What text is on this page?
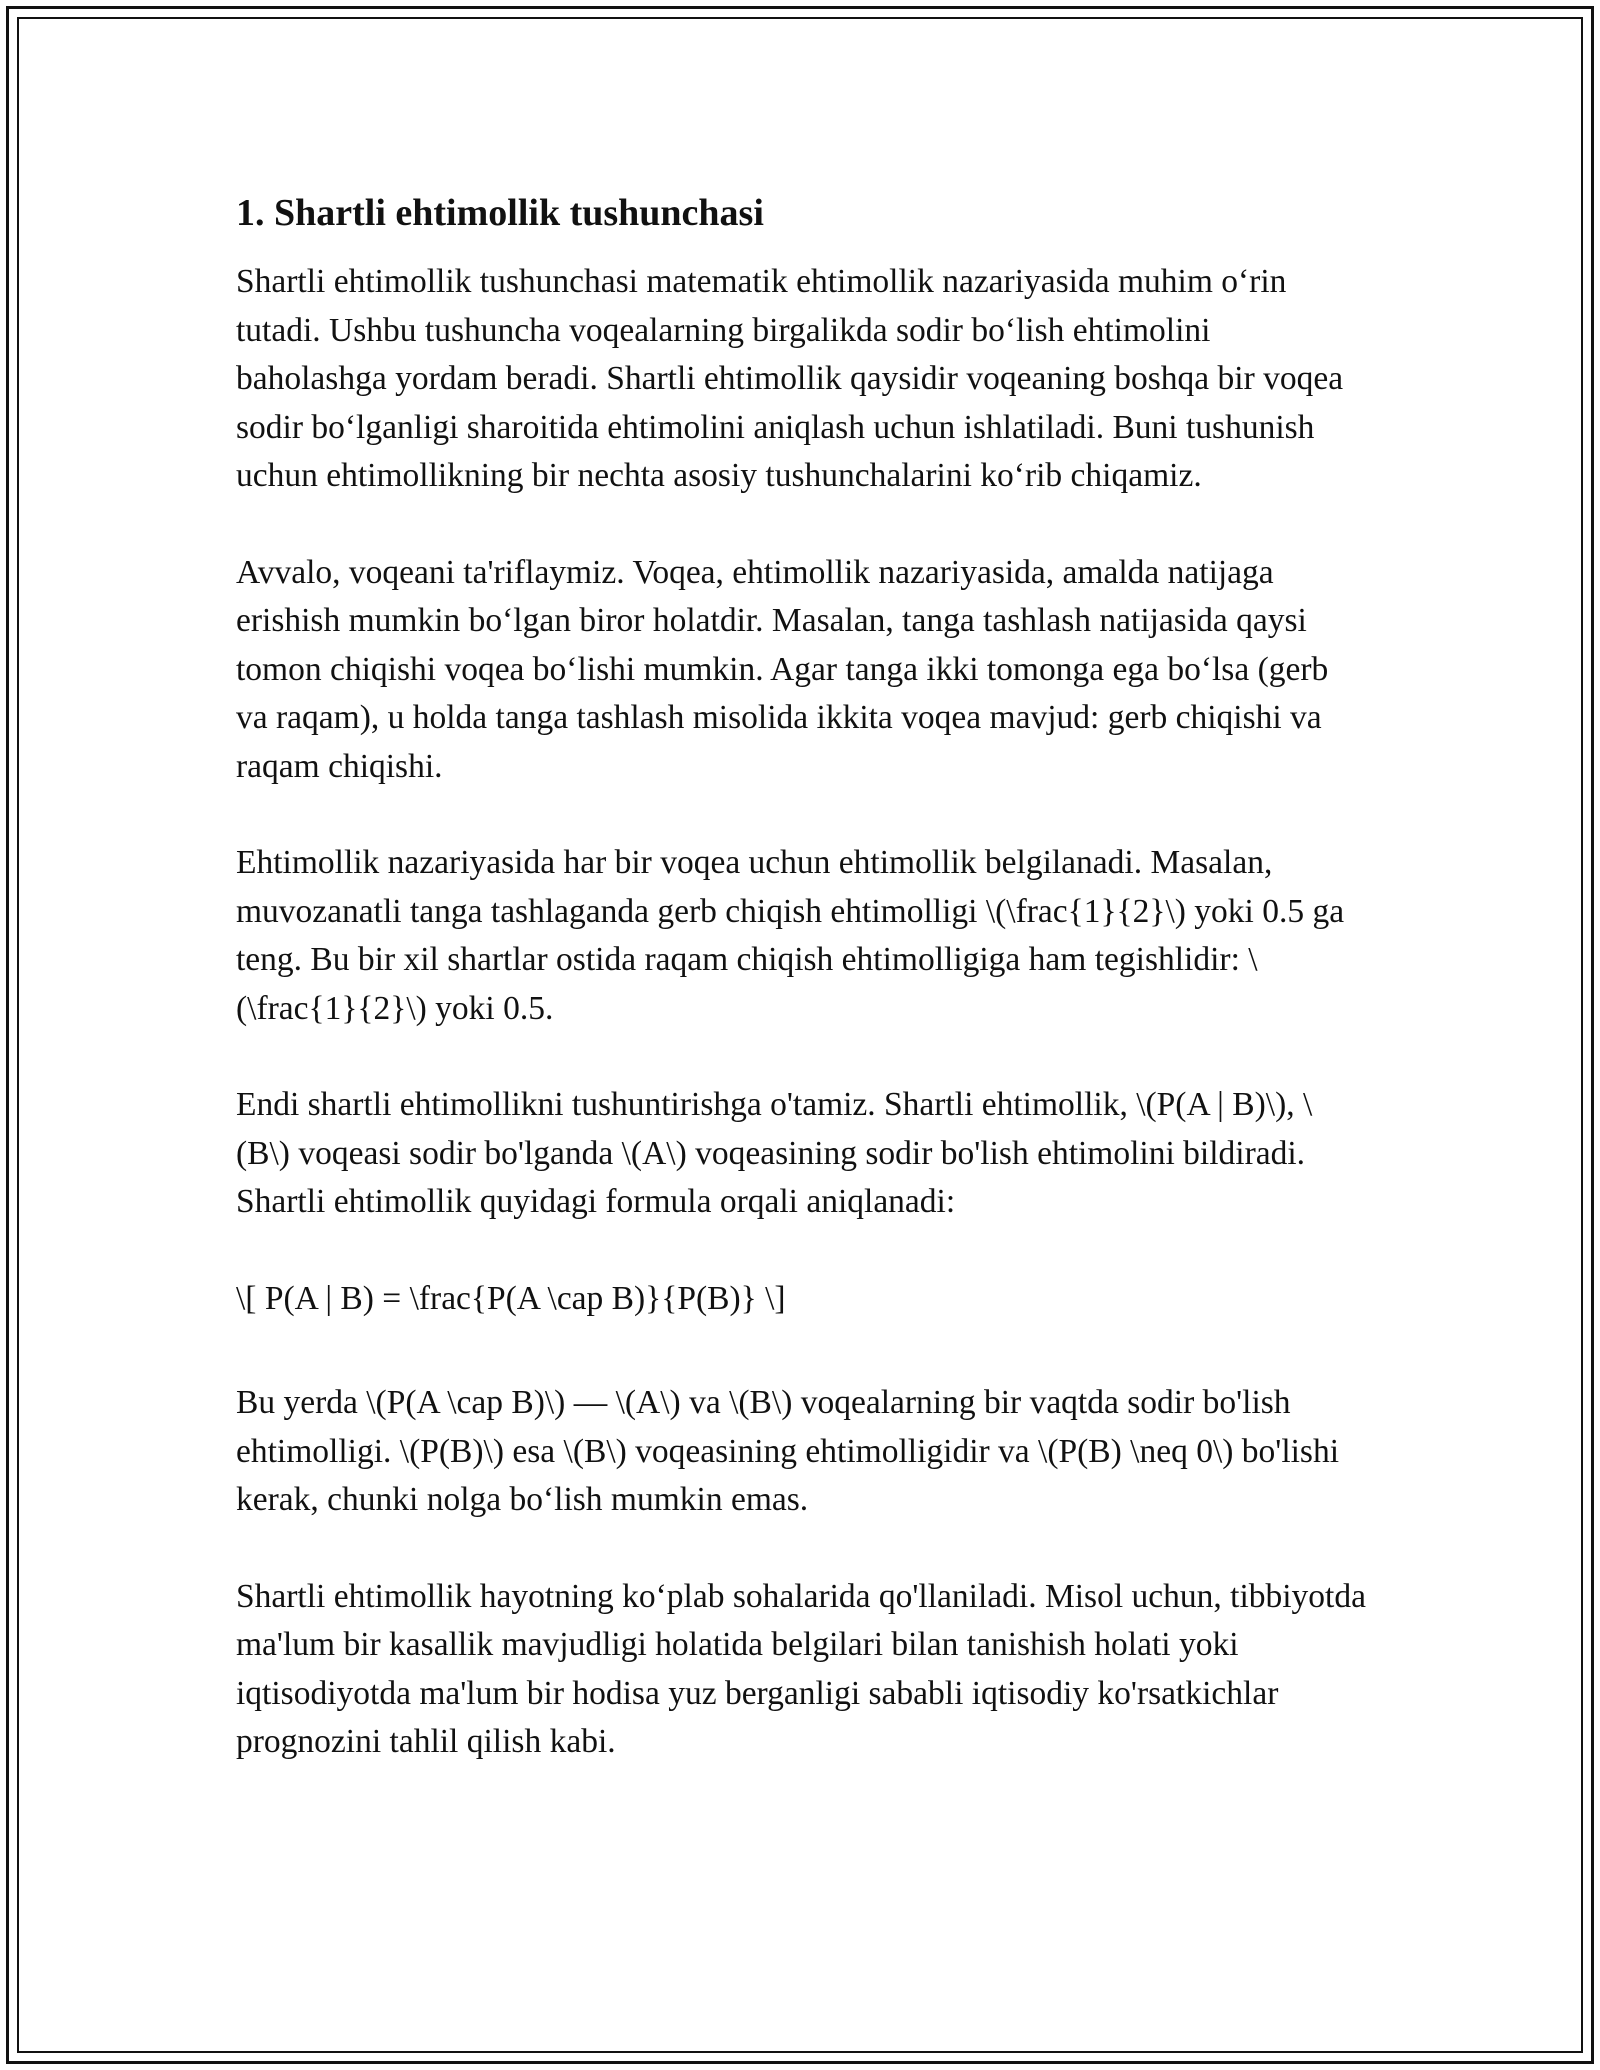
1. Shartli ehtimollik tushunchasi

Shartli ehtimollik tushunchasi matematik ehtimollik nazariyasida muhim o‘rin tutadi. Ushbu tushuncha voqealarning birgalikda sodir bo‘lish ehtimolini baholashga yordam beradi. Shartli ehtimollik qaysidir voqeaning boshqa bir voqea sodir bo‘lganligi sharoitida ehtimolini aniqlash uchun ishlatiladi. Buni tushunish uchun ehtimollikning bir nechta asosiy tushunchalarini ko‘rib chiqamiz.

Avvalo, voqeani ta'riflaymiz. Voqea, ehtimollik nazariyasida, amalda natijaga erishish mumkin bo‘lgan biror holatdir. Masalan, tanga tashlash natijasida qaysi tomon chiqishi voqea bo‘lishi mumkin. Agar tanga ikki tomonga ega bo‘lsa (gerb va raqam), u holda tanga tashlash misolida ikkita voqea mavjud: gerb chiqishi va raqam chiqishi.

Ehtimollik nazariyasida har bir voqea uchun ehtimollik belgilanadi. Masalan, muvozanatli tanga tashlaganda gerb chiqish ehtimolligi \(\frac{1}{2}\) yoki 0.5 ga teng. Bu bir xil shartlar ostida raqam chiqish ehtimolligiga ham tegishlidir: \(\frac{1}{2}\) yoki 0.5.

Endi shartli ehtimollikni tushuntirishga o'tamiz. Shartli ehtimollik, \(P(A | B)\), \(B\) voqeasi sodir bo'lganda \(A\) voqeasining sodir bo'lish ehtimolini bildiradi. Shartli ehtimollik quyidagi formula orqali aniqlanadi:

\[ P(A | B) = \frac{P(A \cap B)}{P(B)} \]

Bu yerda \(P(A \cap B)\) — \(A\) va \(B\) voqealarning bir vaqtda sodir bo'lish ehtimolligi. \(P(B)\) esa \(B\) voqeasining ehtimolligidir va \(P(B) \neq 0\) bo'lishi kerak, chunki nolga bo‘lish mumkin emas.

Shartli ehtimollik hayotning ko‘plab sohalarida qo'llaniladi. Misol uchun, tibbiyotda ma'lum bir kasallik mavjudligi holatida belgilari bilan tanishish holati yoki iqtisodiyotda ma'lum bir hodisa yuz berganligi sababli iqtisodiy ko'rsatkichlar prognozini tahlil qilish kabi.
